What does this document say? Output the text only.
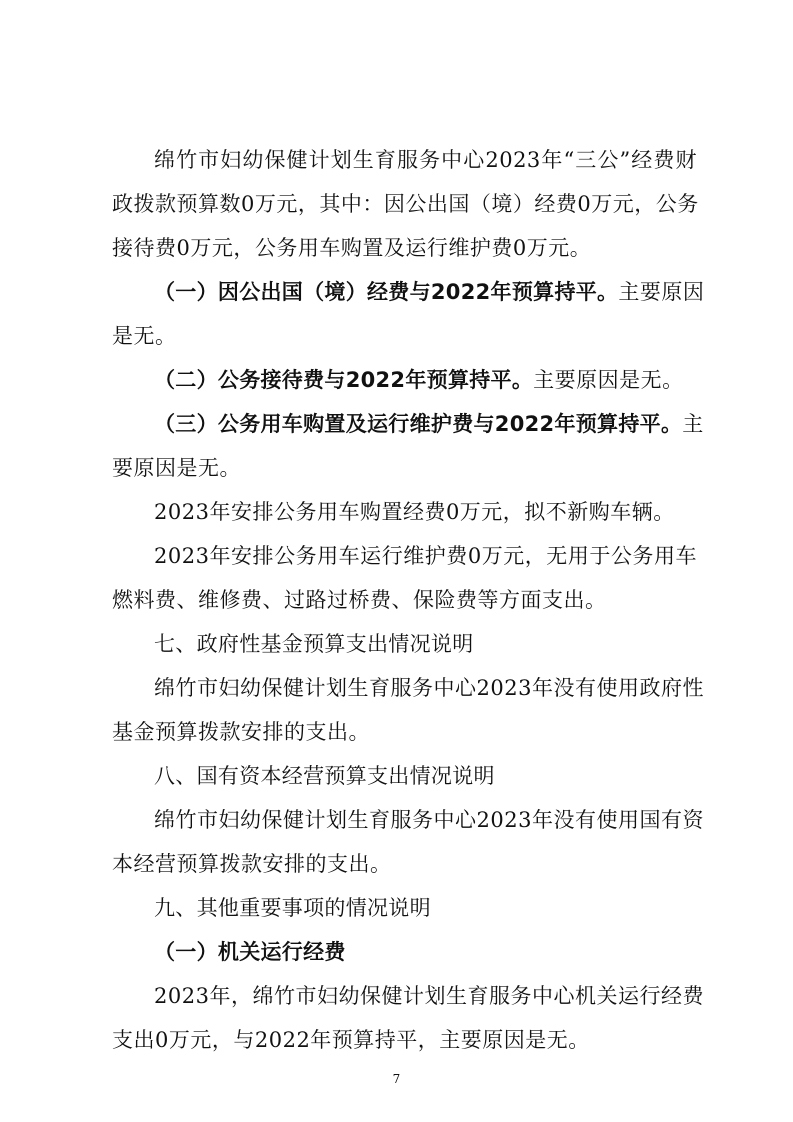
绵竹市妇幼保健计划生育服务中心2023年“三公”经费财
政拨款预算数0万元，其中：因公出国（境）经费0万元，公务
接待费0万元，公务用车购置及运行维护费0万元。
（一）因公出国（境）经费与2022年预算持平。主要原因
是无。
（二）公务接待费与2022年预算持平。主要原因是无。
（三）公务用车购置及运行维护费与2022年预算持平。主
要原因是无。
2023年安排公务用车购置经费0万元，拟不新购车辆。
2023年安排公务用车运行维护费0万元，无用于公务用车
燃料费、维修费、过路过桥费、保险费等方面支出。
七、政府性基金预算支出情况说明
绵竹市妇幼保健计划生育服务中心2023年没有使用政府性
基金预算拨款安排的支出。
八、国有资本经营预算支出情况说明
绵竹市妇幼保健计划生育服务中心2023年没有使用国有资
本经营预算拨款安排的支出。
九、其他重要事项的情况说明
（一）机关运行经费
2023年，绵竹市妇幼保健计划生育服务中心机关运行经费
支出0万元，与2022年预算持平，主要原因是无。
7
